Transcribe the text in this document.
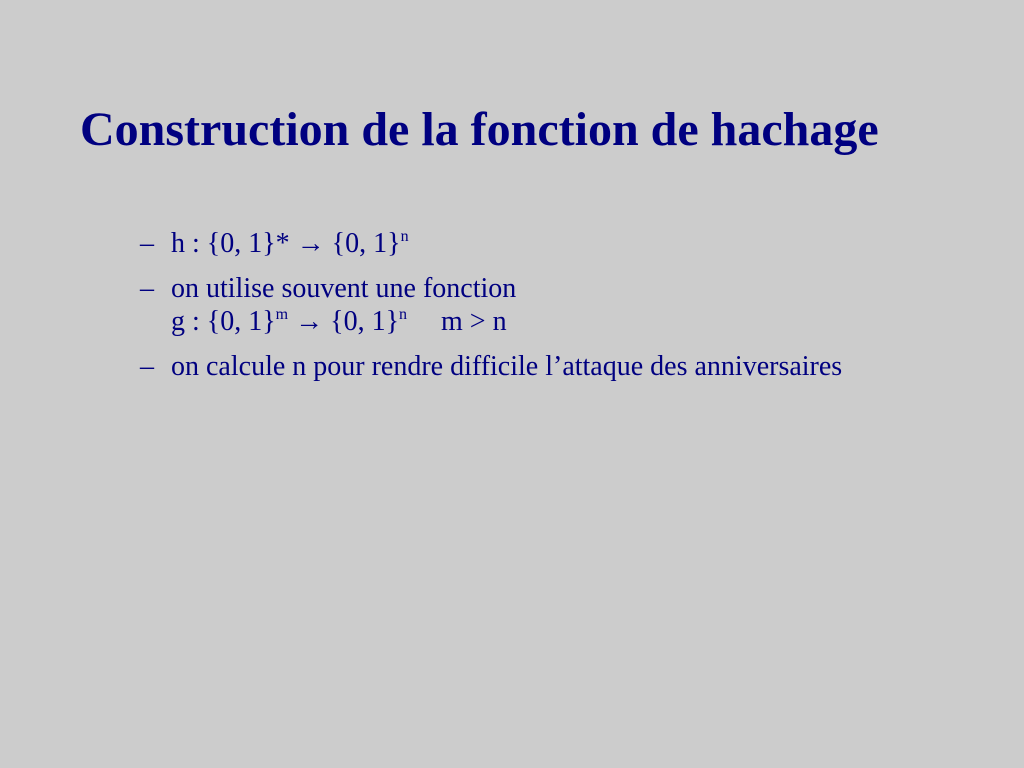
Construction de la fonction de hachage
– h : {0, 1}* → {0, 1}$^n$
– on utilise souvent une fonction
g : {0, 1}$^m$ → {0, 1}$^n$ m > n
– on calcule n pour rendre difficile l’attaque des anniversaires
